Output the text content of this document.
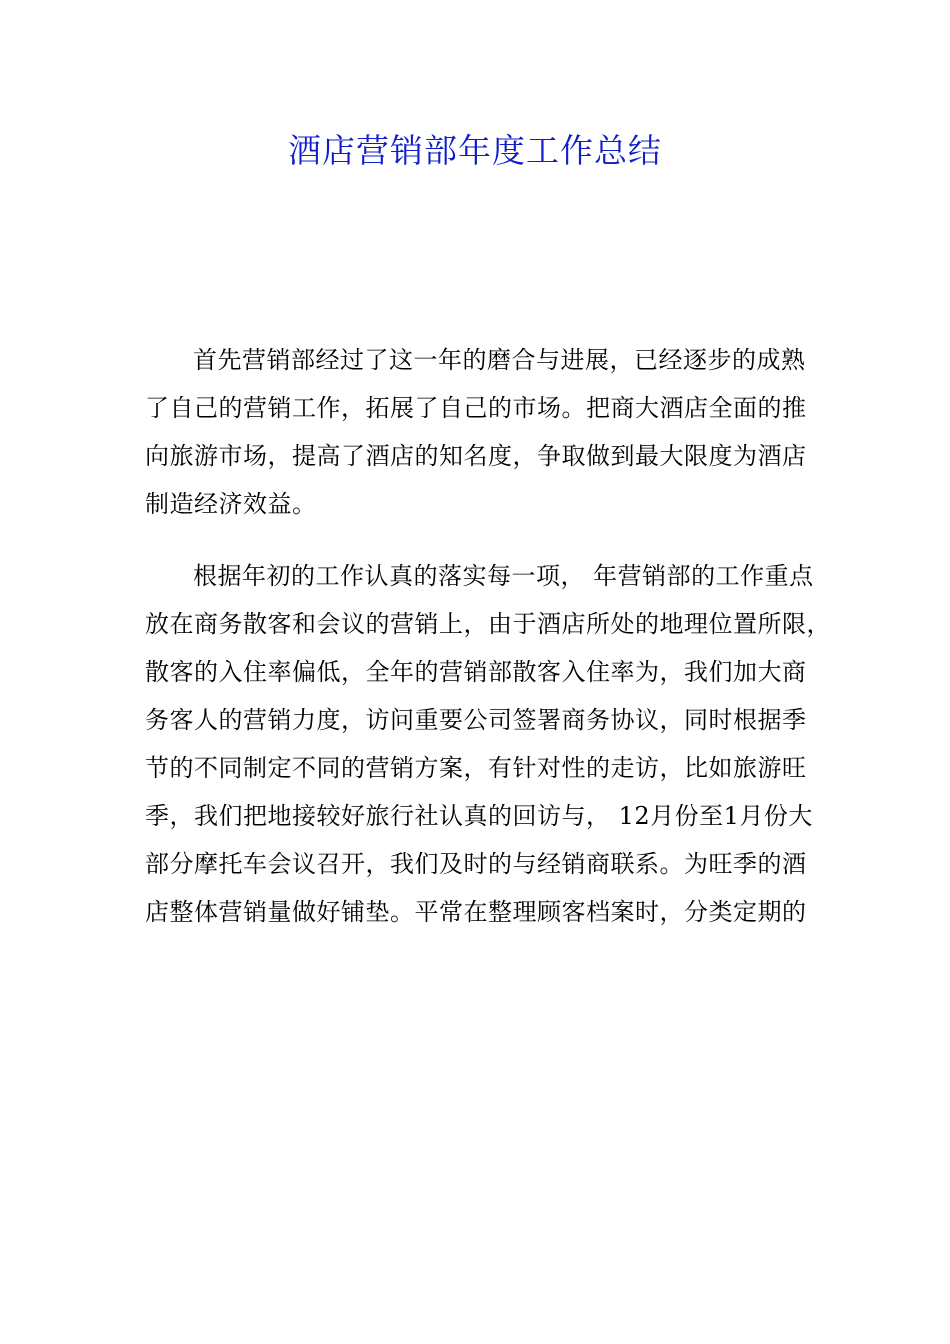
酒店营销部年度工作总结
首先营销部经过了这一年的磨合与进展，已经逐步的成熟
了自己的营销工作，拓展了自己的市场。把商大酒店全面的推
向旅游市场，提高了酒店的知名度，争取做到最大限度为酒店
制造经济效益。
根据年初的工作认真的落实每一项， 年营销部的工作重点
放在商务散客和会议的营销上，由于酒店所处的地理位置所限，
散客的入住率偏低，全年的营销部散客入住率为，我们加大商
务客人的营销力度，访问重要公司签署商务协议，同时根据季
节的不同制定不同的营销方案，有针对性的走访，比如旅游旺
季，我们把地接较好旅行社认真的回访与， 12月份至1月份大
部分摩托车会议召开，我们及时的与经销商联系。为旺季的酒
店整体营销量做好铺垫。平常在整理顾客档案时，分类定期的
